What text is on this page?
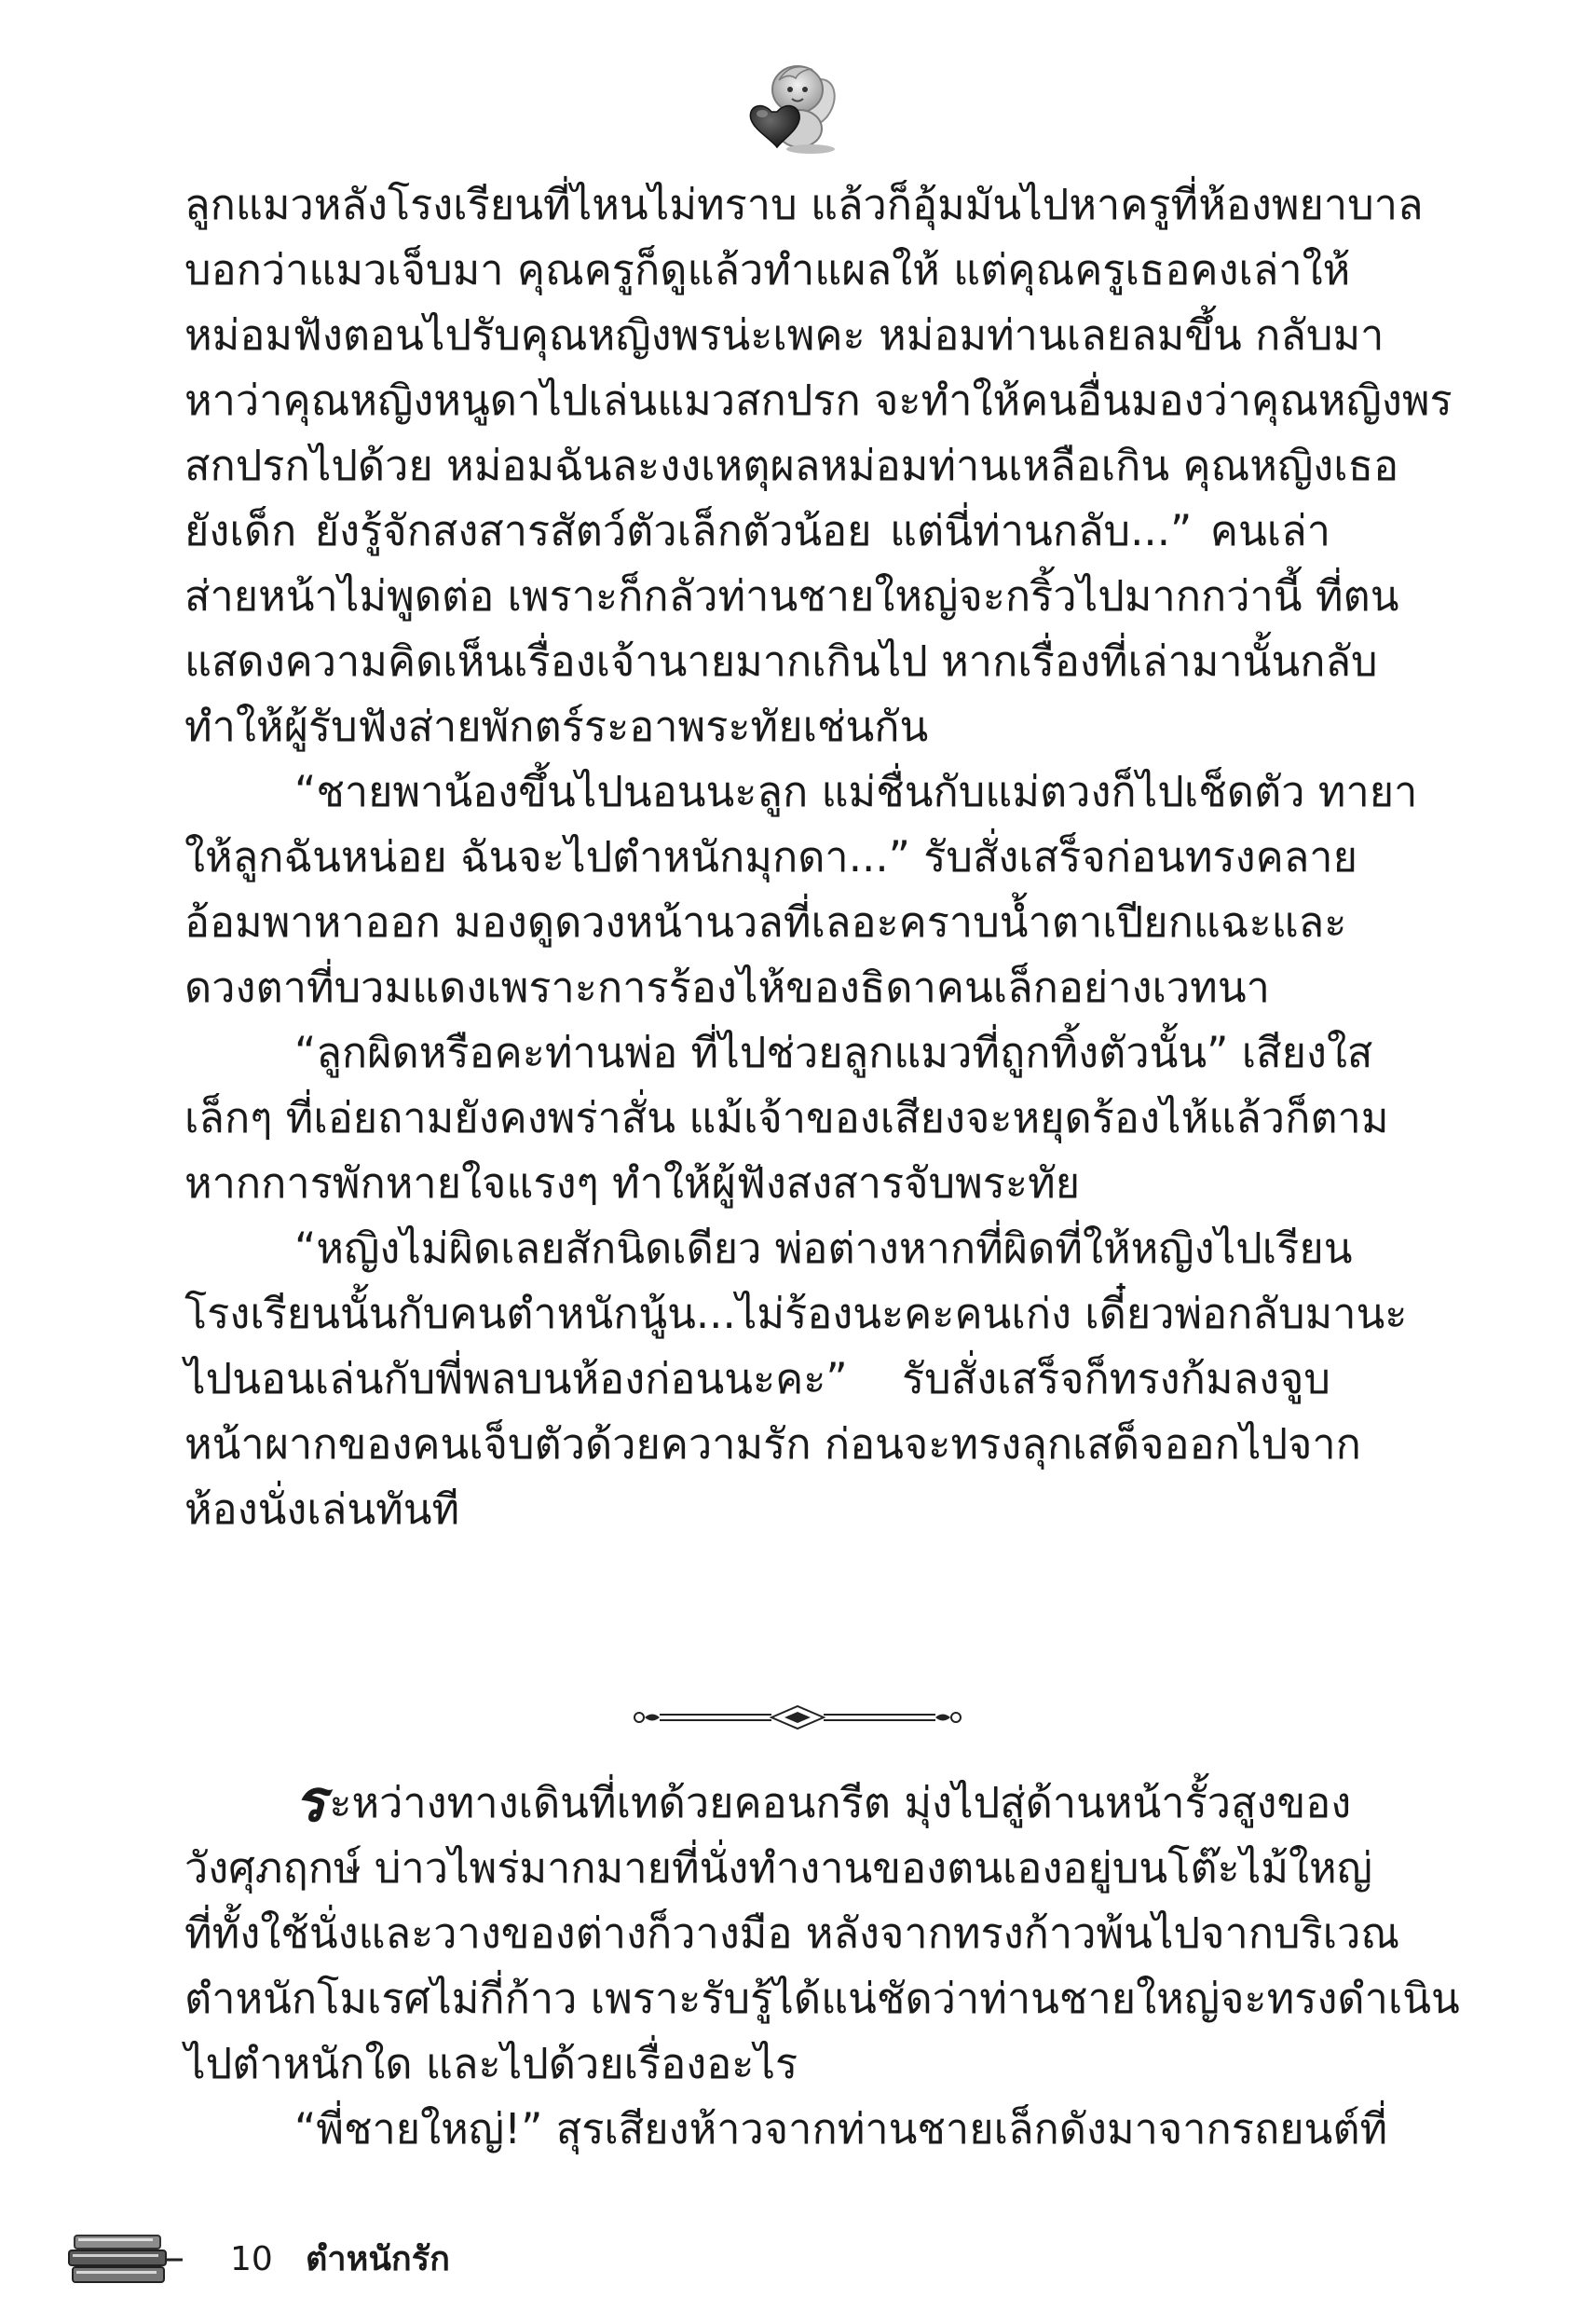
ลูกแมวหลังโรงเรียนที่ไหนไม่ทราบ แล้วก็อุ้มมันไปหาครูที่ห้องพยาบาล
บอกว่าแมวเจ็บมา คุณครูก็ดูแล้วทำแผลให้ แต่คุณครูเธอคงเล่าให้
หม่อมฟังตอนไปรับคุณหญิงพรน่ะเพคะ หม่อมท่านเลยลมขึ้น กลับมา
หาว่าคุณหญิงหนูดาไปเล่นแมวสกปรก จะทำให้คนอื่นมองว่าคุณหญิงพร
สกปรกไปด้วย หม่อมฉันละงงเหตุผลหม่อมท่านเหลือเกิน คุณหญิงเธอ
ยังเด็ก ยังรู้จักสงสารสัตว์ตัวเล็กตัวน้อย แต่นี่ท่านกลับ...” คนเล่า
ส่ายหน้าไม่พูดต่อ เพราะก็กลัวท่านชายใหญ่จะกริ้วไปมากกว่านี้ ที่ตน
แสดงความคิดเห็นเรื่องเจ้านายมากเกินไป หากเรื่องที่เล่ามานั้นกลับ
ทำให้ผู้รับฟังส่ายพักตร์ระอาพระทัยเช่นกัน
“ชายพาน้องขึ้นไปนอนนะลูก แม่ชื่นกับแม่ตวงก็ไปเช็ดตัว ทายา
ให้ลูกฉันหน่อย ฉันจะไปตำหนักมุกดา...” รับสั่งเสร็จก่อนทรงคลาย
อ้อมพาหาออก มองดูดวงหน้านวลที่เลอะคราบน้ำตาเปียกแฉะและ
ดวงตาที่บวมแดงเพราะการร้องไห้ของธิดาคนเล็กอย่างเวทนา
“ลูกผิดหรือคะท่านพ่อ ที่ไปช่วยลูกแมวที่ถูกทิ้งตัวนั้น” เสียงใส
เล็กๆ ที่เอ่ยถามยังคงพร่าสั่น แม้เจ้าของเสียงจะหยุดร้องไห้แล้วก็ตาม
หากการพักหายใจแรงๆ ทำให้ผู้ฟังสงสารจับพระทัย
“หญิงไม่ผิดเลยสักนิดเดียว พ่อต่างหากที่ผิดที่ให้หญิงไปเรียน
โรงเรียนนั้นกับคนตำหนักนู้น...ไม่ร้องนะคะคนเก่ง เดี๋ยวพ่อกลับมานะ
ไปนอนเล่นกับพี่พลบนห้องก่อนนะคะ” รับสั่งเสร็จก็ทรงก้มลงจูบ
หน้าผากของคนเจ็บตัวด้วยความรัก ก่อนจะทรงลุกเสด็จออกไปจาก
ห้องนั่งเล่นทันที
ระหว่างทางเดินที่เทด้วยคอนกรีต มุ่งไปสู่ด้านหน้ารั้วสูงของ
วังศุภฤกษ์ บ่าวไพร่มากมายที่นั่งทำงานของตนเองอยู่บนโต๊ะไม้ใหญ่
ที่ทั้งใช้นั่งและวางของต่างก็วางมือ หลังจากทรงก้าวพ้นไปจากบริเวณ
ตำหนักโมเรศไม่กี่ก้าว เพราะรับรู้ได้แน่ชัดว่าท่านชายใหญ่จะทรงดำเนิน
ไปตำหนักใด และไปด้วยเรื่องอะไร
“พี่ชายใหญ่!” สุรเสียงห้าวจากท่านชายเล็กดังมาจากรถยนต์ที่
10 ตำหนักรัก
